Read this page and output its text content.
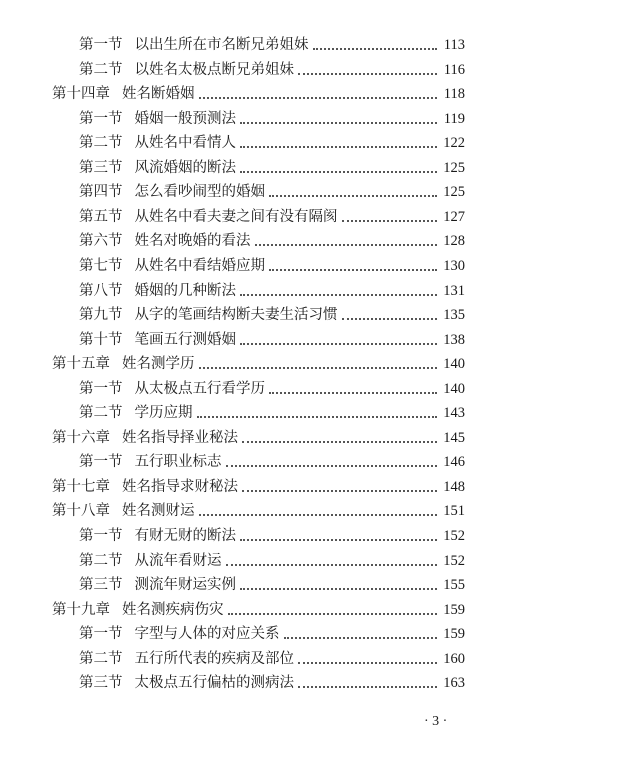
第一节 以出生所在市名断兄弟姐妹	113
第二节 以姓名太极点断兄弟姐妹	116
第十四章 姓名断婚姻	118
第一节 婚姻一般预测法	119
第二节 从姓名中看情人	122
第三节 风流婚姻的断法	125
第四节 怎么看吵闹型的婚姻	125
第五节 从姓名中看夫妻之间有没有隔阂	127
第六节 姓名对晚婚的看法	128
第七节 从姓名中看结婚应期	130
第八节 婚姻的几种断法	131
第九节 从字的笔画结构断夫妻生活习惯	135
第十节 笔画五行测婚姻	138
第十五章 姓名测学历	140
第一节 从太极点五行看学历	140
第二节 学历应期	143
第十六章 姓名指导择业秘法	145
第一节 五行职业标志	146
第十七章 姓名指导求财秘法	148
第十八章 姓名测财运	151
第一节 有财无财的断法	152
第二节 从流年看财运	152
第三节 测流年财运实例	155
第十九章 姓名测疾病伤灾	159
第一节 字型与人体的对应关系	159
第二节 五行所代表的疾病及部位	160
第三节 太极点五行偏枯的测病法	163
· 3 ·
